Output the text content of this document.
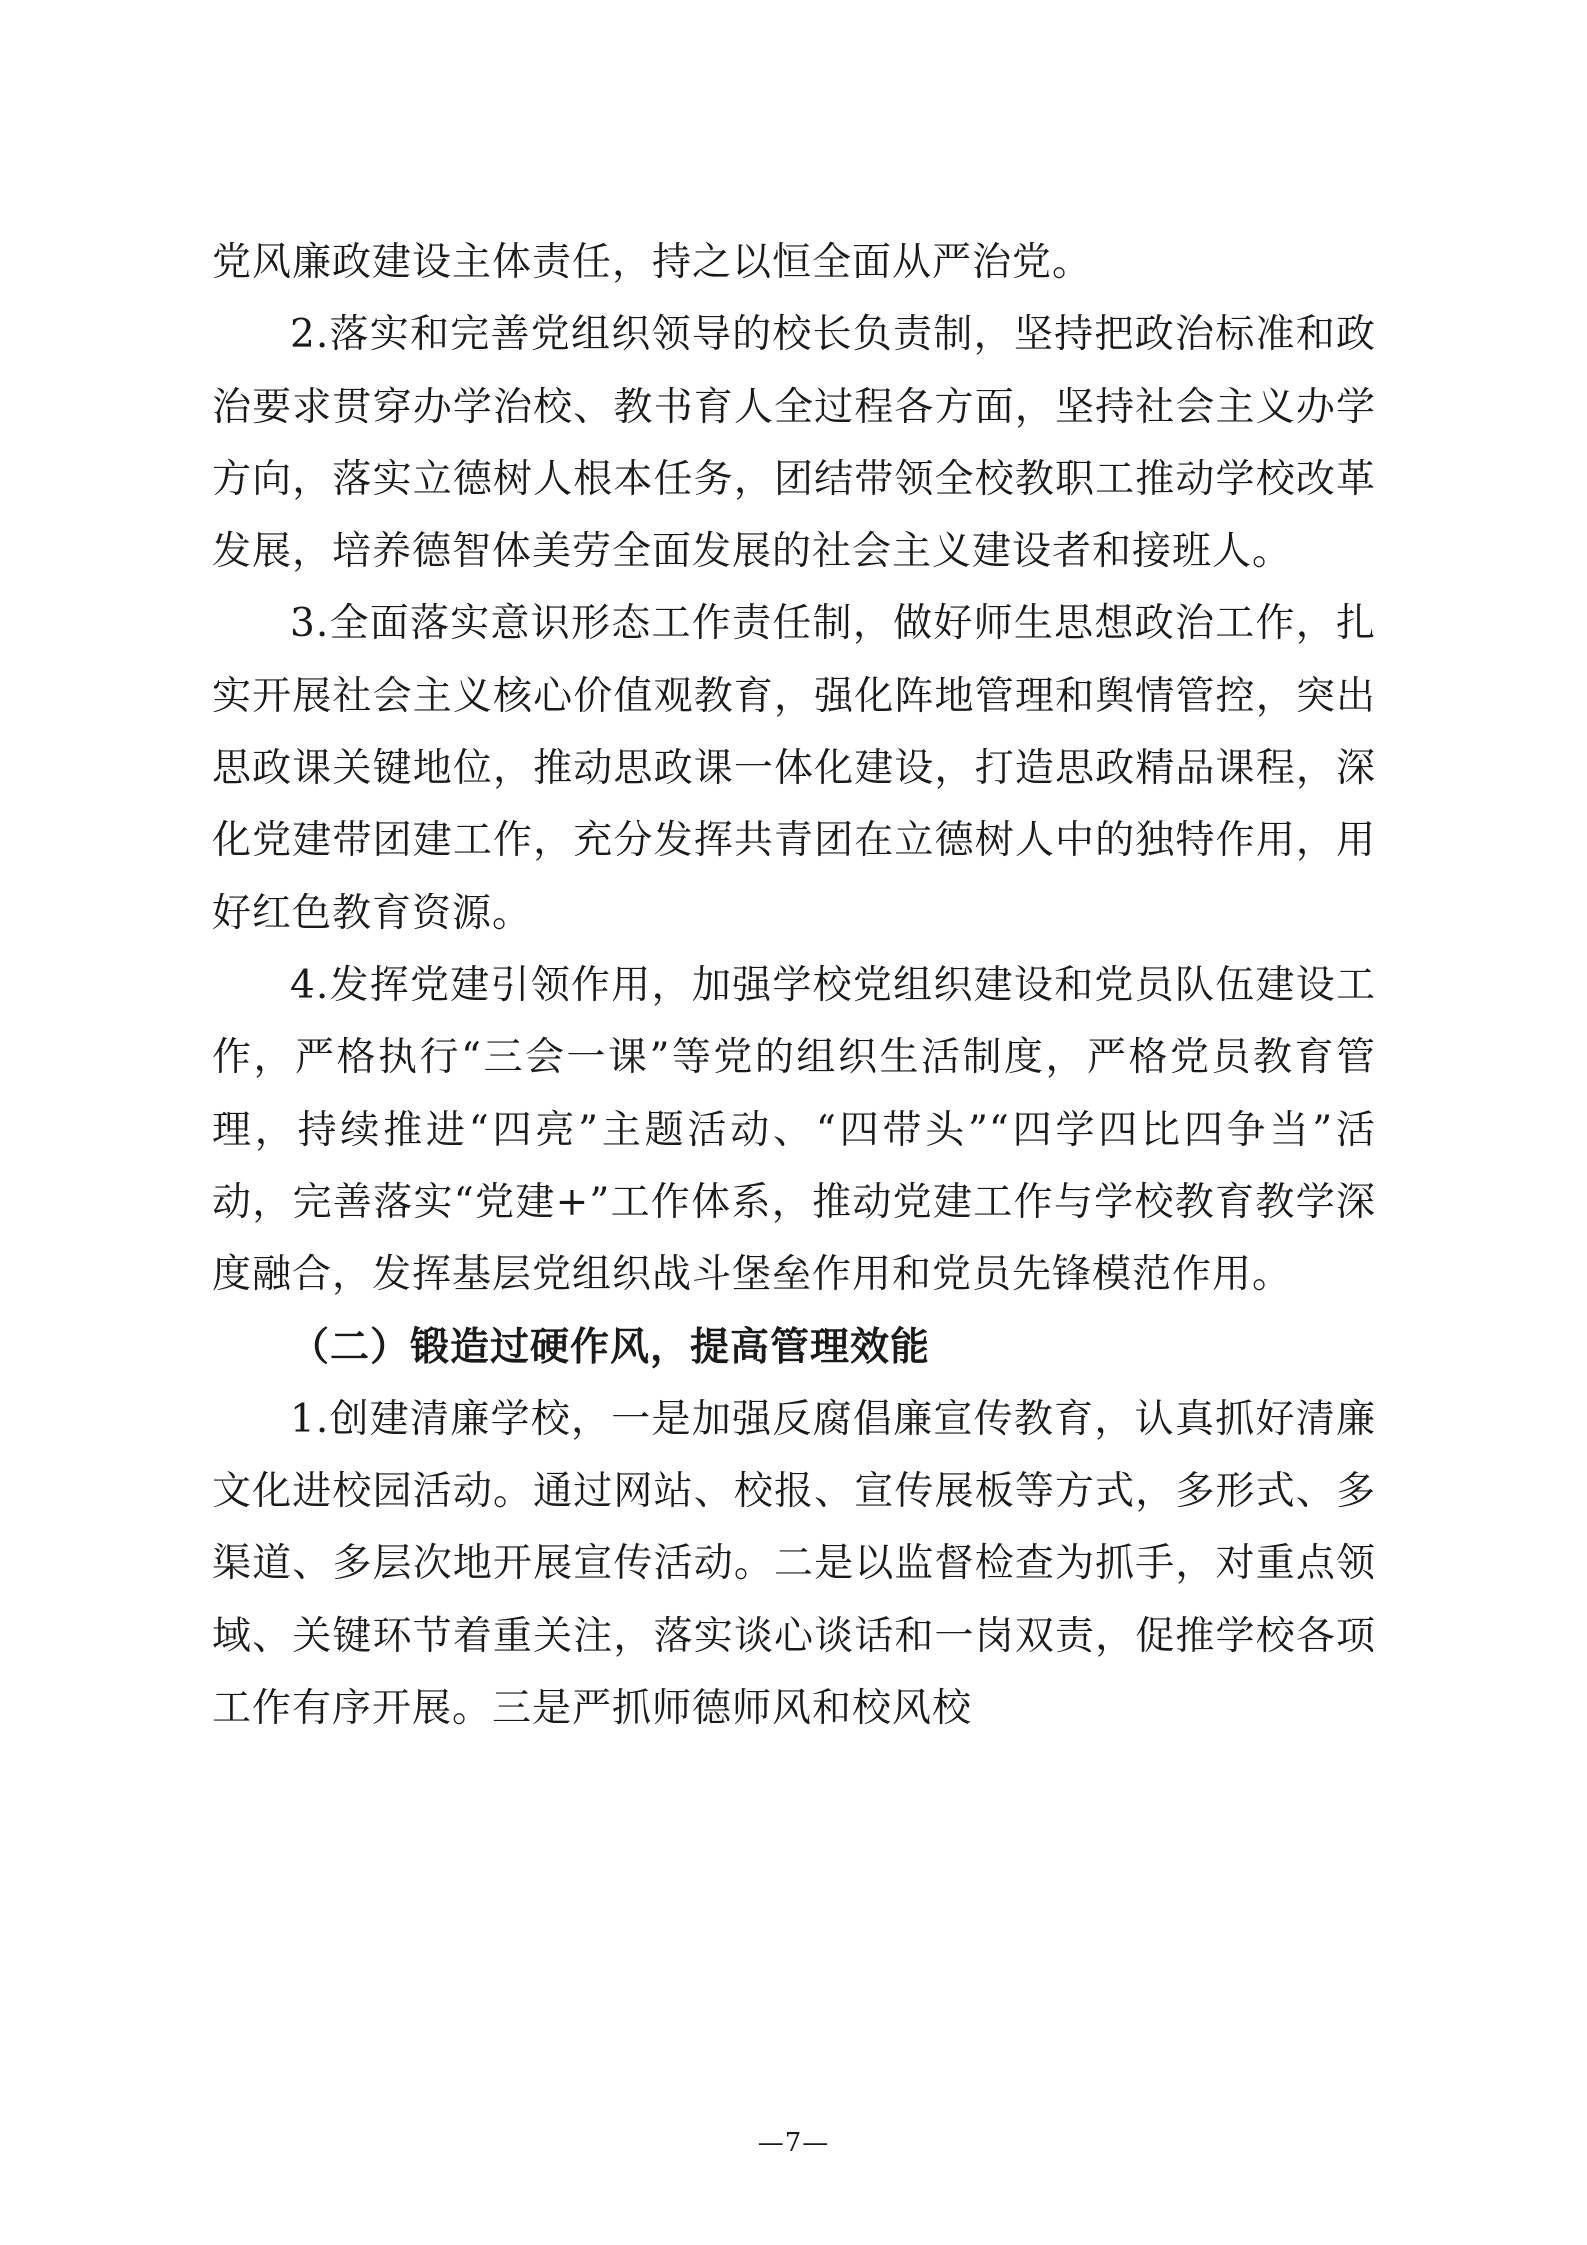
党风廉政建设主体责任，持之以恒全面从严治党。

2.落实和完善党组织领导的校长负责制，坚持把政治标准和政治要求贯穿办学治校、教书育人全过程各方面，坚持社会主义办学方向，落实立德树人根本任务，团结带领全校教职工推动学校改革发展，培养德智体美劳全面发展的社会主义建设者和接班人。

3.全面落实意识形态工作责任制，做好师生思想政治工作，扎实开展社会主义核心价值观教育，强化阵地管理和舆情管控，突出思政课关键地位，推动思政课一体化建设，打造思政精品课程，深化党建带团建工作，充分发挥共青团在立德树人中的独特作用，用好红色教育资源。

4.发挥党建引领作用，加强学校党组织建设和党员队伍建设工作，严格执行“三会一课”等党的组织生活制度，严格党员教育管理，持续推进“四亮”主题活动、“四带头”“四学四比四争当”活动，完善落实“党建+”工作体系，推动党建工作与学校教育教学深度融合，发挥基层党组织战斗堡垒作用和党员先锋模范作用。

（二）锻造过硬作风，提高管理效能

1.创建清廉学校，一是加强反腐倡廉宣传教育，认真抓好清廉文化进校园活动。通过网站、校报、宣传展板等方式，多形式、多渠道、多层次地开展宣传活动。二是以监督检查为抓手，对重点领域、关键环节着重关注，落实谈心谈话和一岗双责，促推学校各项工作有序开展。三是严抓师德师风和校风校

—7—
